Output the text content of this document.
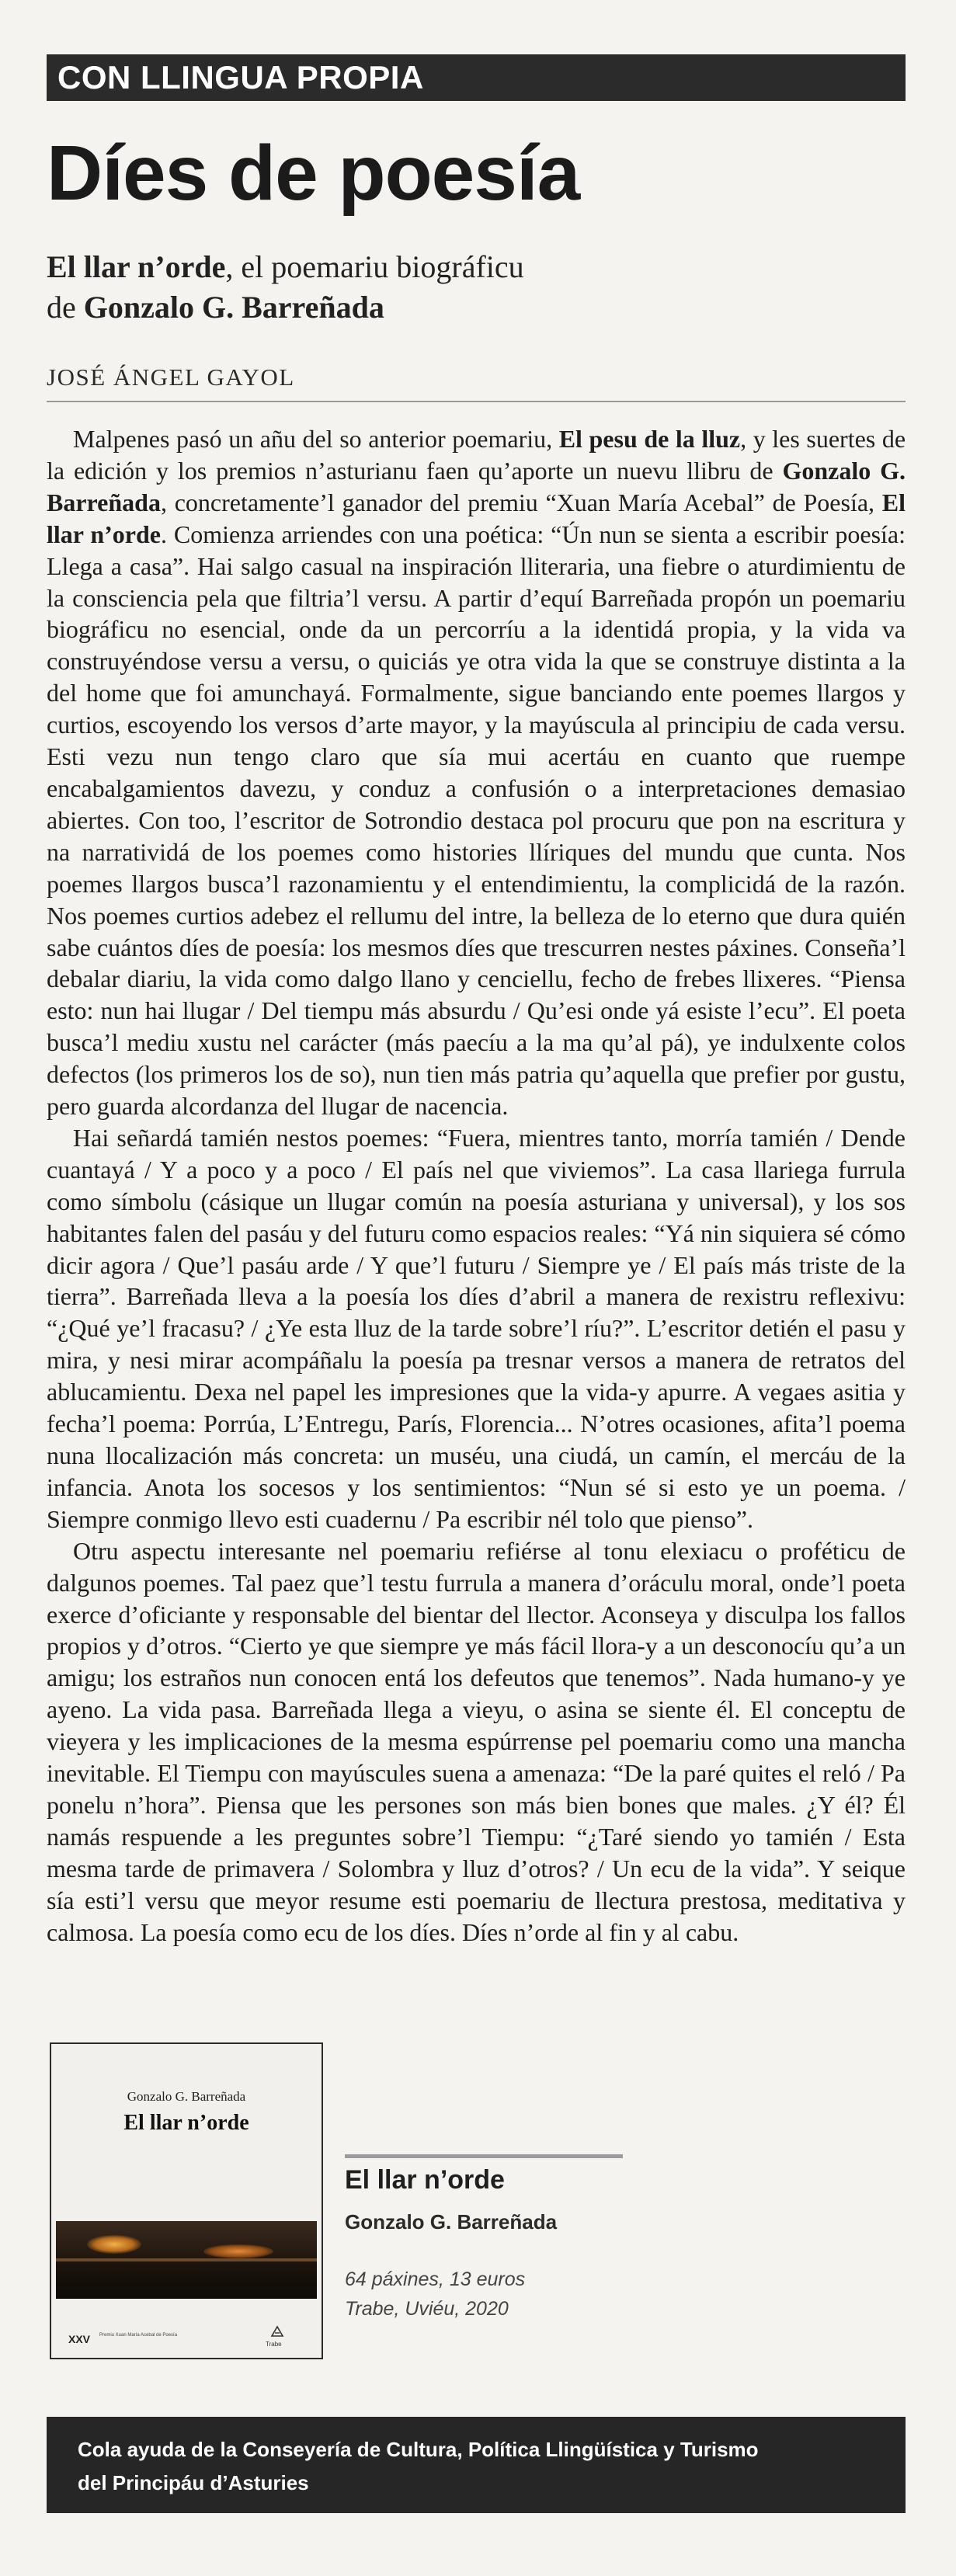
CON LLINGUA PROPIA
Díes de poesía
El llar n’orde, el poemariu biográficu
de Gonzalo G. Barreñada
JOSÉ ÁNGEL GAYOL

Malpenes pasó un añu del so anterior poemariu, El pesu de la lluz, y les suertes de la edición y los premios n’asturianu faen qu’aporte un nuevu llibru de Gonzalo G. Barreñada, concretamente’l ganador del premiu “Xuan María Acebal” de Poesía, El llar n’orde. Comienza arriendes con una poética: “Ún nun se sienta a escribir poesía: Llega a casa”. Hai salgo casual na inspiración lliteraria, una fiebre o aturdimientu de la consciencia pela que filtria’l versu. A partir d’equí Barreñada propón un poemariu biográficu no esencial, onde da un percorríu a la identidá propia, y la vida va construyéndose versu a versu, o quiciás ye otra vida la que se construye distinta a la del home que foi amunchayá. Formalmente, sigue banciando ente poemes llargos y curtios, escoyendo los versos d’arte mayor, y la mayúscula al principiu de cada versu. Esti vezu nun tengo claro que sía mui acertáu en cuanto que ruempe encabalgamientos davezu, y conduz a confusión o a interpretaciones demasiao abiertes. Con too, l’escritor de Sotrondio destaca pol procuru que pon na escritura y na narratividá de los poemes como histories llíriques del mundu que cunta. Nos poemes llargos busca’l razonamientu y el entendimientu, la complicidá de la razón. Nos poemes curtios adebez el rellumu del intre, la belleza de lo eterno que dura quién sabe cuántos díes de poesía: los mesmos díes que trescurren nestes páxines. Conseña’l debalar diariu, la vida como dalgo llano y cenciellu, fecho de frebes llixeres. “Piensa esto: nun hai llugar / Del tiempu más absurdu / Qu’esi onde yá esiste l’ecu”. El poeta busca’l mediu xustu nel carácter (más paecíu a la ma qu’al pá), ye indulxente colos defectos (los primeros los de so), nun tien más patria qu’aquella que prefier por gustu, pero guarda alcordanza del llugar de nacencia.

Hai señardá tamién nestos poemes: “Fuera, mientres tanto, morría tamién / Dende cuantayá / Y a poco y a poco / El país nel que viviemos”. La casa llariega furrula como símbolu (cásique un llugar común na poesía asturiana y universal), y los sos habitantes falen del pasáu y del futuru como espacios reales: “Yá nin siquiera sé cómo dicir agora / Que’l pasáu arde / Y que’l futuru / Siempre ye / El país más triste de la tierra”. Barreñada lleva a la poesía los díes d’abril a manera de rexistru reflexivu: “¿Qué ye’l fracasu? / ¿Ye esta lluz de la tarde sobre’l ríu?”. L’escritor detién el pasu y mira, y nesi mirar acompáñalu la poesía pa tresnar versos a manera de retratos del ablucamientu. Dexa nel papel les impresiones que la vida-y apurre. A vegaes asitia y fecha’l poema: Porrúa, L’Entregu, París, Florencia... N’otres ocasiones, afita’l poema nuna llocalización más concreta: un muséu, una ciudá, un camín, el mercáu de la infancia. Anota los socesos y los sentimientos: “Nun sé si esto ye un poema. / Siempre conmigo llevo esti cuadernu / Pa escribir nél tolo que pienso”.

Otru aspectu interesante nel poemariu refiérse al tonu elexiacu o proféticu de dalgunos poemes. Tal paez que’l testu furrula a manera d’oráculu moral, onde’l poeta exerce d’oficiante y responsable del bientar del llector. Aconseya y disculpa los fallos propios y d’otros. “Cierto ye que siempre ye más fácil llora-y a un desconocíu qu’a un amigu; los estraños nun conocen entá los defeutos que tenemos”. Nada humano-y ye ayeno. La vida pasa. Barreñada llega a vieyu, o asina se siente él. El conceptu de vieyera y les implicaciones de la mesma espúrrense pel poemariu como una mancha inevitable. El Tiempu con mayúscules suena a amenaza: “De la paré quites el reló / Pa ponelu n’hora”. Piensa que les persones son más bien bones que males. ¿Y él? Él namás respuende a les preguntes sobre’l Tiempu: “¿Taré siendo yo tamién / Esta mesma tarde de primavera / Solombra y lluz d’otros? / Un ecu de la vida”. Y seique sía esti’l versu que meyor resume esti poemariu de llectura prestosa, meditativa y calmosa. La poesía como ecu de los díes. Díes n’orde al fin y al cabu.

Gonzalo G. Barreñada
El llar n’orde
XXV Premiu Xuan María Acebal de Poesía
Trabe
El llar n’orde
Gonzalo G. Barreñada
64 páxines, 13 euros
Trabe, Uviéu, 2020
Cola ayuda de la Conseyería de Cultura, Política Llingüística y Turismo
del Principáu d’Asturies
